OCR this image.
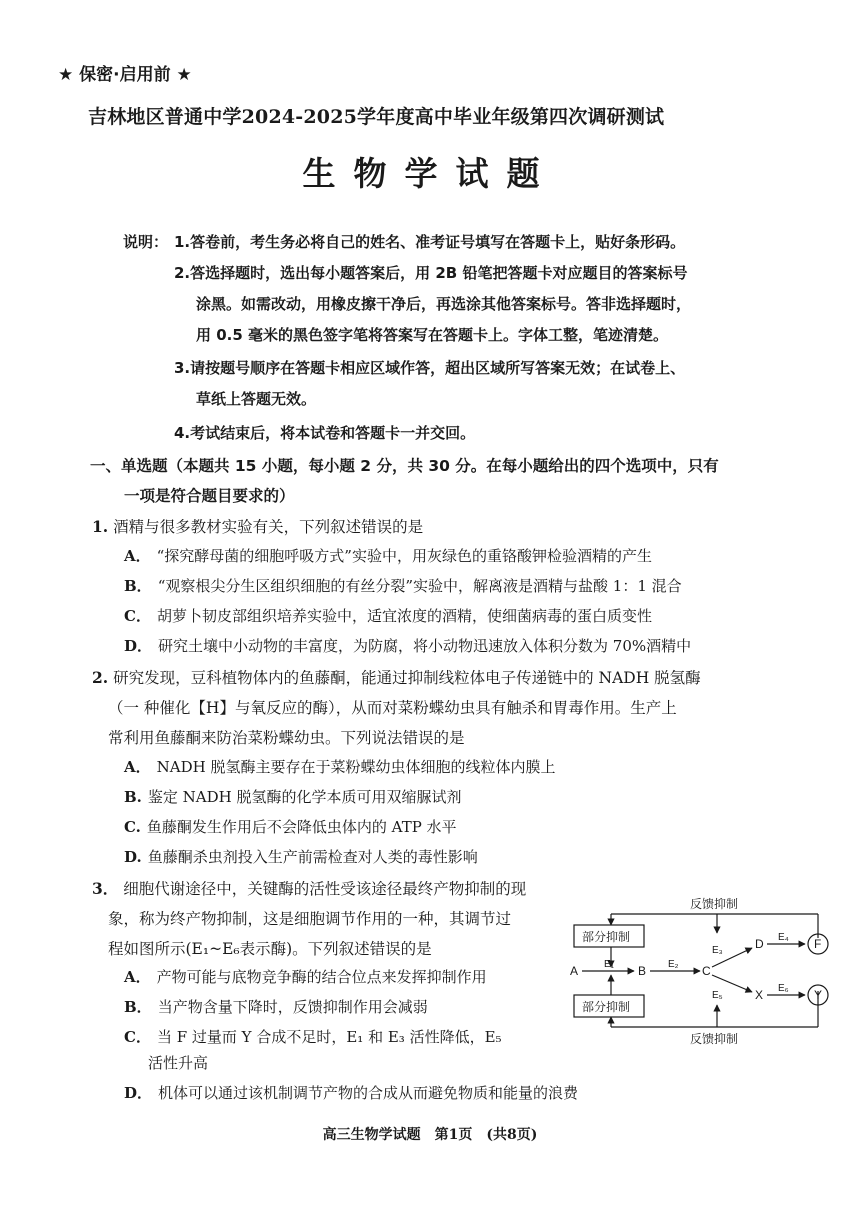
★ 保密·启用前 ★
吉林地区普通中学2024-2025学年度高中毕业年级第四次调研测试
生物学试题
说明： 1.答卷前，考生务必将自己的姓名、准考证号填写在答题卡上，贴好条形码。
2.答选择题时，选出每小题答案后，用 2B 铅笔把答题卡对应题目的答案标号
涂黑。如需改动，用橡皮擦干净后，再选涂其他答案标号。答非选择题时，
用 0.5 毫米的黑色签字笔将答案写在答题卡上。字体工整，笔迹清楚。
3.请按题号顺序在答题卡相应区域作答，超出区域所写答案无效；在试卷上、
草纸上答题无效。
4.考试结束后，将本试卷和答题卡一并交回。
一、单选题（本题共 15 小题，每小题 2 分，共 30 分。在每小题给出的四个选项中，只有
一项是符合题目要求的）
1. 酒精与很多教材实验有关，下列叙述错误的是
A． “探究酵母菌的细胞呼吸方式”实验中，用灰绿色的重铬酸钾检验酒精的产生
B． “观察根尖分生区组织细胞的有丝分裂”实验中，解离液是酒精与盐酸 1：1 混合
C． 胡萝卜韧皮部组织培养实验中，适宜浓度的酒精，使细菌病毒的蛋白质变性
D． 研究土壤中小动物的丰富度，为防腐，将小动物迅速放入体积分数为 70%酒精中
2. 研究发现，豆科植物体内的鱼藤酮，能通过抑制线粒体电子传递链中的 NADH 脱氢酶
（一 种催化【H】与氧反应的酶），从而对菜粉蝶幼虫具有触杀和胃毒作用。生产上
常利用鱼藤酮来防治菜粉蝶幼虫。下列说法错误的是
A． NADH 脱氢酶主要存在于菜粉蝶幼虫体细胞的线粒体内膜上
B. 鉴定 NADH 脱氢酶的化学本质可用双缩脲试剂
C. 鱼藤酮发生作用后不会降低虫体内的 ATP 水平
D. 鱼藤酮杀虫剂投入生产前需检查对人类的毒性影响
3． 细胞代谢途径中，关键酶的活性受该途径最终产物抑制的现
象，称为终产物抑制，这是细胞调节作用的一种，其调节过
程如图所示(E₁~E₆表示酶)。下列叙述错误的是
A． 产物可能与底物竞争酶的结合位点来发挥抑制作用
B． 当产物含量下降时，反馈抑制作用会减弱
C． 当 F 过量而 Y 合成不足时，E₁ 和 E₃ 活性降低，E₅
活性升高
D． 机体可以通过该机制调节产物的合成从而避免物质和能量的浪费
反馈抑制
反馈抑制
部分抑制
部分抑制
A	B	C
D
X
F
Y
E₁	E₂
E₃
E₄
E₅
E₆
高三生物学试题　第1页　(共8页)
